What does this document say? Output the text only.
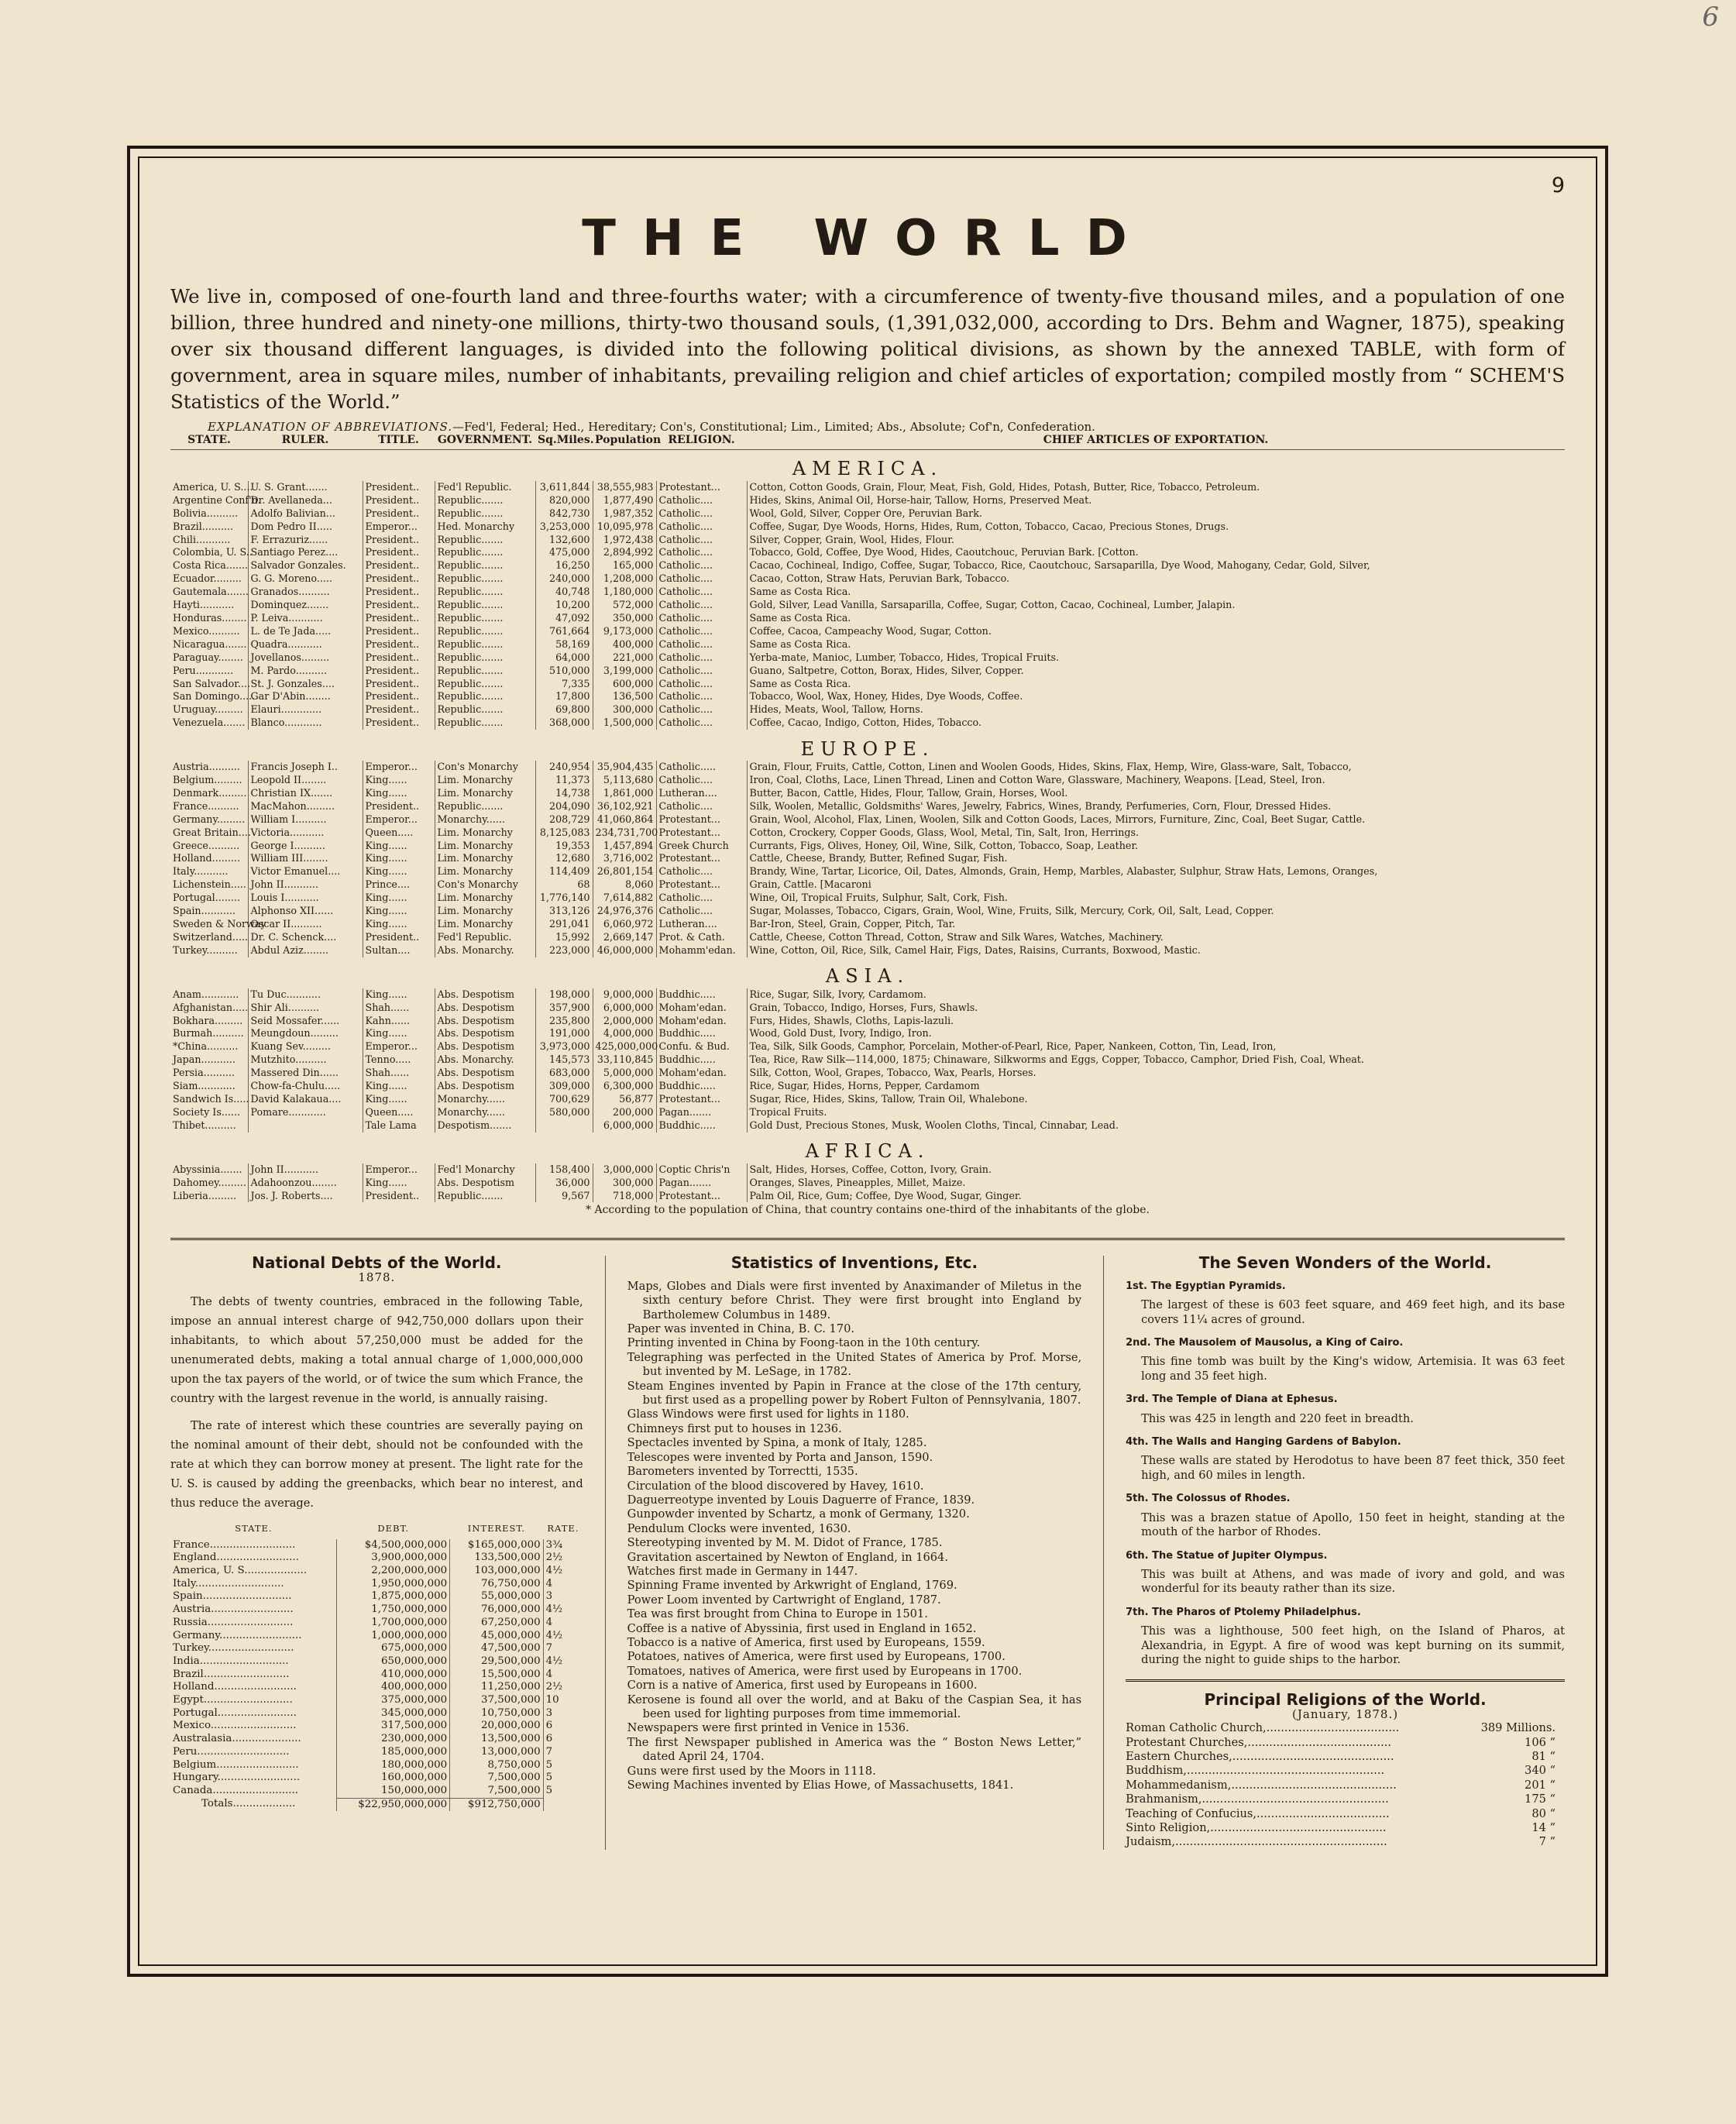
6
9
THE WORLD
We live in, composed of one-fourth land and three-fourths water; with a circumference of twenty-five thousand miles, and a population of one billion, three hundred and ninety-one millions, thirty-two thousand souls, (1,391,032,000, according to Drs. Behm and Wagner, 1875), speaking over six thousand different languages, is divided into the following political divisions, as shown by the annexed TABLE, with form of government, area in square miles, number of inhabitants, prevailing religion and chief articles of exportation; compiled mostly from “ SCHEM'S Statistics of the World.”
EXPLANATION OF ABBREVIATIONS.—Fed'l, Federal; Hed., Hereditary; Con's, Constitutional; Lim., Limited; Abs., Absolute; Cof'n, Confederation.
STATE.	RULER.	TITLE.	GOVERNMENT.	Sq.Miles.	Population	RELIGION.	CHIEF ARTICLES OF EXPORTATION.
AMERICA.							
America, U. S....	U. S. Grant.......	President..	Fed'l Republic.	3,611,844	38,555,983	Protestant...	Cotton, Cotton Goods, Grain, Flour, Meat, Fish, Gold, Hides, Potash, Butter, Rice, Tobacco, Petroleum.
Argentine Conf'n.	Dr. Avellaneda...	President..	Republic.......	820,000	1,877,490	Catholic....	Hides, Skins, Animal Oil, Horse-hair, Tallow, Horns, Preserved Meat.
Bolivia..........	Adolfo Balivian...	President..	Republic.......	842,730	1,987,352	Catholic....	Wool, Gold, Silver, Copper Ore, Peruvian Bark.
Brazil..........	Dom Pedro II.....	Emperor...	Hed. Monarchy	3,253,000	10,095,978	Catholic....	Coffee, Sugar, Dye Woods, Horns, Hides, Rum, Cotton, Tobacco, Cacao, Precious Stones, Drugs.
Chili...........	F. Errazuriz......	President..	Republic.......	132,600	1,972,438	Catholic....	Silver, Copper, Grain, Wool, Hides, Flour.
Colombia, U. S..	Santiago Perez....	President..	Republic.......	475,000	2,894,992	Catholic....	Tobacco, Gold, Coffee, Dye Wood, Hides, Caoutchouc, Peruvian Bark. [Cotton.
Costa Rica.......	Salvador Gonzales.	President..	Republic.......	16,250	165,000	Catholic....	Cacao, Cochineal, Indigo, Coffee, Sugar, Tobacco, Rice, Caoutchouc, Sarsaparilla, Dye Wood, Mahogany, Cedar, Gold, Silver,
Ecuador.........	G. G. Moreno.....	President..	Republic.......	240,000	1,208,000	Catholic....	Cacao, Cotton, Straw Hats, Peruvian Bark, Tobacco.
Gautemala.......	Granados..........	President..	Republic.......	40,748	1,180,000	Catholic....	Same as Costa Rica.
Hayti...........	Dominquez.......	President..	Republic.......	10,200	572,000	Catholic....	Gold, Silver, Lead Vanilla, Sarsaparilla, Coffee, Sugar, Cotton, Cacao, Cochineal, Lumber, Jalapin.
Honduras........	P. Leiva...........	President..	Republic.......	47,092	350,000	Catholic....	Same as Costa Rica.
Mexico..........	L. de Te Jada.....	President..	Republic.......	761,664	9,173,000	Catholic....	Coffee, Cacoa, Campeachy Wood, Sugar, Cotton.
Nicaragua.......	Quadra...........	President..	Republic.......	58,169	400,000	Catholic....	Same as Costa Rica.
Paraguay........	Jovellanos.........	President..	Republic.......	64,000	221,000	Catholic....	Yerba-mate, Manioc, Lumber, Tobacco, Hides, Tropical Fruits.
Peru............	M. Pardo..........	President..	Republic.......	510,000	3,199,000	Catholic....	Guano, Saltpetre, Cotton, Borax, Hides, Silver, Copper.
San Salvador....	St. J. Gonzales....	President..	Republic.......	7,335	600,000	Catholic....	Same as Costa Rica.
San Domingo.....	Gar D'Abin........	President..	Republic.......	17,800	136,500	Catholic....	Tobacco, Wool, Wax, Honey, Hides, Dye Woods, Coffee.
Uruguay.........	Elauri.............	President..	Republic.......	69,800	300,000	Catholic....	Hides, Meats, Wool, Tallow, Horns.
Venezuela.......	Blanco............	President..	Republic.......	368,000	1,500,000	Catholic....	Coffee, Cacao, Indigo, Cotton, Hides, Tobacco.
EUROPE.							
Austria..........	Francis Joseph I..	Emperor...	Con's Monarchy	240,954	35,904,435	Catholic.....	Grain, Flour, Fruits, Cattle, Cotton, Linen and Woolen Goods, Hides, Skins, Flax, Hemp, Wire, Glass-ware, Salt, Tobacco,
Belgium.........	Leopold II........	King......	Lim. Monarchy	11,373	5,113,680	Catholic....	Iron, Coal, Cloths, Lace, Linen Thread, Linen and Cotton Ware, Glassware, Machinery, Weapons. [Lead, Steel, Iron.
Denmark.........	Christian IX.......	King......	Lim. Monarchy	14,738	1,861,000	Lutheran....	Butter, Bacon, Cattle, Hides, Flour, Tallow, Grain, Horses, Wool.
France..........	MacMahon.........	President..	Republic.......	204,090	36,102,921	Catholic....	Silk, Woolen, Metallic, Goldsmiths' Wares, Jewelry, Fabrics, Wines, Brandy, Perfumeries, Corn, Flour, Dressed Hides.
Germany.........	William I..........	Emperor...	Monarchy......	208,729	41,060,864	Protestant...	Grain, Wool, Alcohol, Flax, Linen, Woolen, Silk and Cotton Goods, Laces, Mirrors, Furniture, Zinc, Coal, Beet Sugar, Cattle.
Great Britain....	Victoria...........	Queen.....	Lim. Monarchy	8,125,083	234,731,700	Protestant...	Cotton, Crockery, Copper Goods, Glass, Wool, Metal, Tin, Salt, Iron, Herrings.
Greece..........	George I..........	King......	Lim. Monarchy	19,353	1,457,894	Greek Church	Currants, Figs, Olives, Honey, Oil, Wine, Silk, Cotton, Tobacco, Soap, Leather.
Holland.........	William III........	King......	Lim. Monarchy	12,680	3,716,002	Protestant...	Cattle, Cheese, Brandy, Butter, Refined Sugar, Fish.
Italy...........	Victor Emanuel....	King......	Lim. Monarchy	114,409	26,801,154	Catholic....	Brandy, Wine, Tartar, Licorice, Oil, Dates, Almonds, Grain, Hemp, Marbles, Alabaster, Sulphur, Straw Hats, Lemons, Oranges,
Lichenstein.....	John II...........	Prince....	Con's Monarchy	68	8,060	Protestant...	Grain, Cattle. [Macaroni
Portugal........	Louis I...........	King......	Lim. Monarchy	1,776,140	7,614,882	Catholic....	Wine, Oil, Tropical Fruits, Sulphur, Salt, Cork, Fish.
Spain...........	Alphonso XII......	King......	Lim. Monarchy	313,126	24,976,376	Catholic....	Sugar, Molasses, Tobacco, Cigars, Grain, Wool, Wine, Fruits, Silk, Mercury, Cork, Oil, Salt, Lead, Copper.
Sweden & Norway	Oscar II..........	King......	Lim. Monarchy	291,041	6,060,972	Lutheran....	Bar-Iron, Steel, Grain, Copper, Pitch, Tar.
Switzerland.....	Dr. C. Schenck....	President..	Fed'l Republic.	15,992	2,669,147	Prot. & Cath.	Cattle, Cheese, Cotton Thread, Cotton, Straw and Silk Wares, Watches, Machinery.
Turkey..........	Abdul Aziz........	Sultan....	Abs. Monarchy.	223,000	46,000,000	Mohamm'edan.	Wine, Cotton, Oil, Rice, Silk, Camel Hair, Figs, Dates, Raisins, Currants, Boxwood, Mastic.
ASIA.							
Anam............	Tu Duc...........	King......	Abs. Despotism	198,000	9,000,000	Buddhic.....	Rice, Sugar, Silk, Ivory, Cardamom.
Afghanistan.....	Shir Ali..........	Shah......	Abs. Despotism	357,900	6,000,000	Moham'edan.	Grain, Tobacco, Indigo, Horses, Furs, Shawls.
Bokhara.........	Seid Mossafer......	Kahn......	Abs. Despotism	235,800	2,000,000	Moham'edan.	Furs, Hides, Shawls, Cloths, Lapis-lazuli.
Burmah..........	Meungdoun.........	King......	Abs. Despotism	191,000	4,000,000	Buddhic.....	Wood, Gold Dust, Ivory, Indigo, Iron.
*China..........	Kuang Sev.........	Emperor...	Abs. Despotism	3,973,000	425,000,000	Confu. & Bud.	Tea, Silk, Silk Goods, Camphor, Porcelain, Mother-of-Pearl, Rice, Paper, Nankeen, Cotton, Tin, Lead, Iron,
Japan...........	Mutzhito..........	Tenno.....	Abs. Monarchy.	145,573	33,110,845	Buddhic.....	Tea, Rice, Raw Silk—114,000, 1875; Chinaware, Silkworms and Eggs, Copper, Tobacco, Camphor, Dried Fish, Coal, Wheat.
Persia..........	Massered Din......	Shah......	Abs. Despotism	683,000	5,000,000	Moham'edan.	Silk, Cotton, Wool, Grapes, Tobacco, Wax, Pearls, Horses.
Siam............	Chow-fa-Chulu.....	King......	Abs. Despotism	309,000	6,300,000	Buddhic.....	Rice, Sugar, Hides, Horns, Pepper, Cardamom
Sandwich Is.....	David Kalakaua....	King......	Monarchy......	700,629	56,877	Protestant...	Sugar, Rice, Hides, Skins, Tallow, Train Oil, Whalebone.
Society Is......	Pomare............	Queen.....	Monarchy......	580,000	200,000	Pagan.......	Tropical Fruits.
Thibet..........		Tale Lama	Despotism.......		6,000,000	Buddhic.....	Gold Dust, Precious Stones, Musk, Woolen Cloths, Tincal, Cinnabar, Lead.
AFRICA.							
Abyssinia.......	John II...........	Emperor...	Fed'l Monarchy	158,400	3,000,000	Coptic Chris'n	Salt, Hides, Horses, Coffee, Cotton, Ivory, Grain.
Dahomey.........	Adahoonzou........	King......	Abs. Despotism	36,000	300,000	Pagan.......	Oranges, Slaves, Pineapples, Millet, Maize.
Liberia.........	Jos. J. Roberts....	President..	Republic.......	9,567	718,000	Protestant...	Palm Oil, Rice, Gum; Coffee, Dye Wood, Sugar, Ginger.
* According to the population of China, that country contains one-third of the inhabitants of the globe.
National Debts of the World.
1878.

The debts of twenty countries, embraced in the following Table, impose an annual interest charge of 942,750,000 dollars upon their inhabitants, to which about 57,250,000 must be added for the unenumerated debts, making a total annual charge of 1,000,000,000 upon the tax payers of the world, or of twice the sum which France, the country with the largest revenue in the world, is annually raising.

The rate of interest which these countries are severally paying on the nominal amount of their debt, should not be confounded with the rate at which they can borrow money at present. The light rate for the U. S. is caused by adding the greenbacks, which bear no interest, and thus reduce the average.

STATE.	DEBT.	INTEREST.	RATE.
France..........................	$4,500,000,000	$165,000,000	3¾
England.........................	3,900,000,000	133,500,000	2½
America, U. S...................	2,200,000,000	103,000,000	4½
Italy...........................	1,950,000,000	76,750,000	4
Spain...........................	1,875,000,000	55,000,000	3
Austria.........................	1,750,000,000	76,000,000	4½
Russia..........................	1,700,000,000	67,250,000	4
Germany.........................	1,000,000,000	45,000,000	4½
Turkey..........................	675,000,000	47,500,000	7
India...........................	650,000,000	29,500,000	4½
Brazil..........................	410,000,000	15,500,000	4
Holland.........................	400,000,000	11,250,000	2½
Egypt...........................	375,000,000	37,500,000	10
Portugal........................	345,000,000	10,750,000	3
Mexico..........................	317,500,000	20,000,000	6
Australasia.....................	230,000,000	13,500,000	6
Peru............................	185,000,000	13,000,000	7
Belgium.........................	180,000,000	8,750,000	5
Hungary.........................	160,000,000	7,500,000	5
Canada..........................	150,000,000	7,500,000	5
Totals...................	$22,950,000,000	$912,750,000	
Statistics of Inventions, Etc.
Maps, Globes and Dials were first invented by Anaximander of Miletus in the sixth century before Christ. They were first brought into England by Bartholemew Columbus in 1489.
Paper was invented in China, B. C. 170.
Printing invented in China by Foong-taon in the 10th century.
Telegraphing was perfected in the United States of America by Prof. Morse, but invented by M. LeSage, in 1782.
Steam Engines invented by Papin in France at the close of the 17th century, but first used as a propelling power by Robert Fulton of Pennsylvania, 1807.
Glass Windows were first used for lights in 1180.
Chimneys first put to houses in 1236.
Spectacles invented by Spina, a monk of Italy, 1285.
Telescopes were invented by Porta and Janson, 1590.
Barometers invented by Torrectti, 1535.
Circulation of the blood discovered by Havey, 1610.
Daguerreotype invented by Louis Daguerre of France, 1839.
Gunpowder invented by Schartz, a monk of Germany, 1320.
Pendulum Clocks were invented, 1630.
Stereotyping invented by M. M. Didot of France, 1785.
Gravitation ascertained by Newton of England, in 1664.
Watches first made in Germany in 1447.
Spinning Frame invented by Arkwright of England, 1769.
Power Loom invented by Cartwright of England, 1787.
Tea was first brought from China to Europe in 1501.
Coffee is a native of Abyssinia, first used in England in 1652.
Tobacco is a native of America, first used by Europeans, 1559.
Potatoes, natives of America, were first used by Europeans, 1700.
Tomatoes, natives of America, were first used by Europeans in 1700.
Corn is a native of America, first used by Europeans in 1600.
Kerosene is found all over the world, and at Baku of the Caspian Sea, it has been used for lighting purposes from time immemorial.
Newspapers were first printed in Venice in 1536.
The first Newspaper published in America was the “ Boston News Letter,” dated April 24, 1704.
Guns were first used by the Moors in 1118.
Sewing Machines invented by Elias Howe, of Massachusetts, 1841.
The Seven Wonders of the World.
1st. The Egyptian Pyramids.
The largest of these is 603 feet square, and 469 feet high, and its base covers 11¼ acres of ground.
2nd. The Mausolem of Mausolus, a King of Cairo.
This fine tomb was built by the King's widow, Artemisia. It was 63 feet long and 35 feet high.
3rd. The Temple of Diana at Ephesus.
This was 425 in length and 220 feet in breadth.
4th. The Walls and Hanging Gardens of Babylon.
These walls are stated by Herodotus to have been 87 feet thick, 350 feet high, and 60 miles in length.
5th. The Colossus of Rhodes.
This was a brazen statue of Apollo, 150 feet in height, standing at the mouth of the harbor of Rhodes.
6th. The Statue of Jupiter Olympus.
This was built at Athens, and was made of ivory and gold, and was wonderful for its beauty rather than its size.
7th. The Pharos of Ptolemy Philadelphus.
This was a lighthouse, 500 feet high, on the Island of Pharos, at Alexandria, in Egypt. A fire of wood was kept burning on its summit, during the night to guide ships to the harbor.
Principal Religions of the World.
(January, 1878.)
Roman Catholic Church,.....................................	389 Millions.
Protestant Churches,........................................	106 “
Eastern Churches,.............................................	81 “
Buddhism,.......................................................	340 “
Mohammedanism,..............................................	201 “
Brahmanism,....................................................	175 “
Teaching of Confucius,.....................................	80 “
Sinto Religion,.................................................	14 “
Judaism,...........................................................	7 “
